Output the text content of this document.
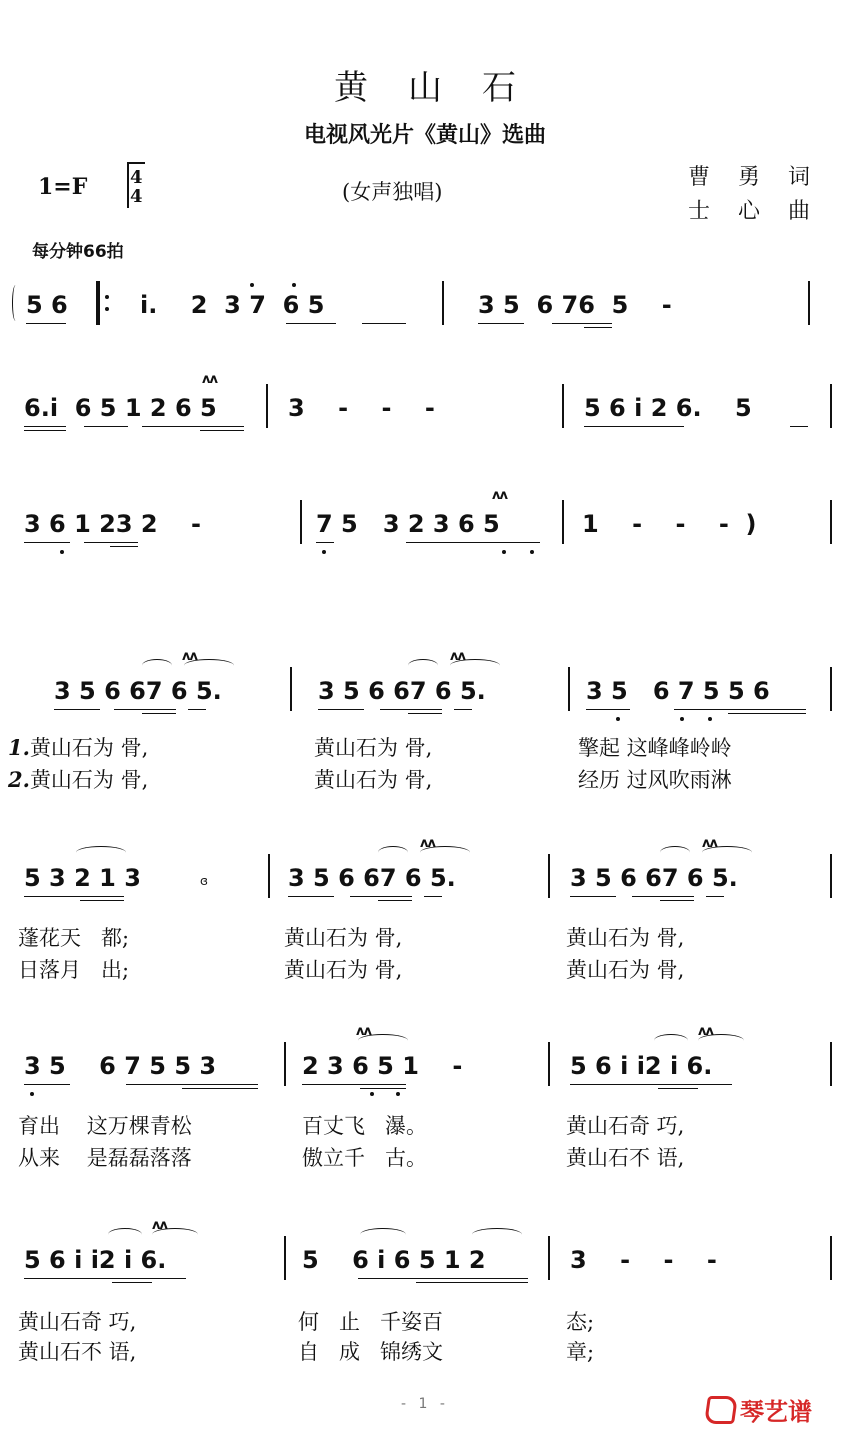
黄山石
电视风光片《黄山》选曲
1=F 4
4	(女声独唱)
曹勇词
士心曲
每分钟66拍
5 6	i.    2  3 7  6 5	3 5  6 76  5    -
6.i  6 5 1 2 6 5
ʌʌ
3    -    -    -	5 6 i 2 6.    5
3 6 1 23 2    -	7 5   3 2 3 6 5
ʌʌ
1    -    -    -  )
3 5 6 67 6 5.
ʌʌ
3 5 6 67 6 5.
ʌʌ
3 5   6 7 5 5 6
1.黄山石为 骨,	黄山石为 骨,	擎起 这峰峰岭岭
2.黄山石为 骨,	黄山石为 骨,	经历 过风吹雨淋
5 3 2 1 3	ɞ	3 5 6 67 6 5.
ʌʌ
3 5 6 67 6 5.
ʌʌ
蓬花天   都;	黄山石为 骨,	黄山石为 骨,
日落月   出;	黄山石为 骨,	黄山石为 骨,
3 5    6 7 5 5 3	2 3 6 5 1    -
ʌʌ
5 6 i i2 i 6.
ʌʌ
育出    这万棵青松	百丈飞   瀑。	黄山石奇 巧,
从来    是磊磊落落	傲立千   古。	黄山石不 语,
5 6 i i2 i 6.
ʌʌ
5    6 i 6 5 1 2	3    -    -    -
黄山石奇 巧,	何   止   千姿百	态;
黄山石不 语,	自   成   锦绣文	章;
- 1 -	琴艺谱
